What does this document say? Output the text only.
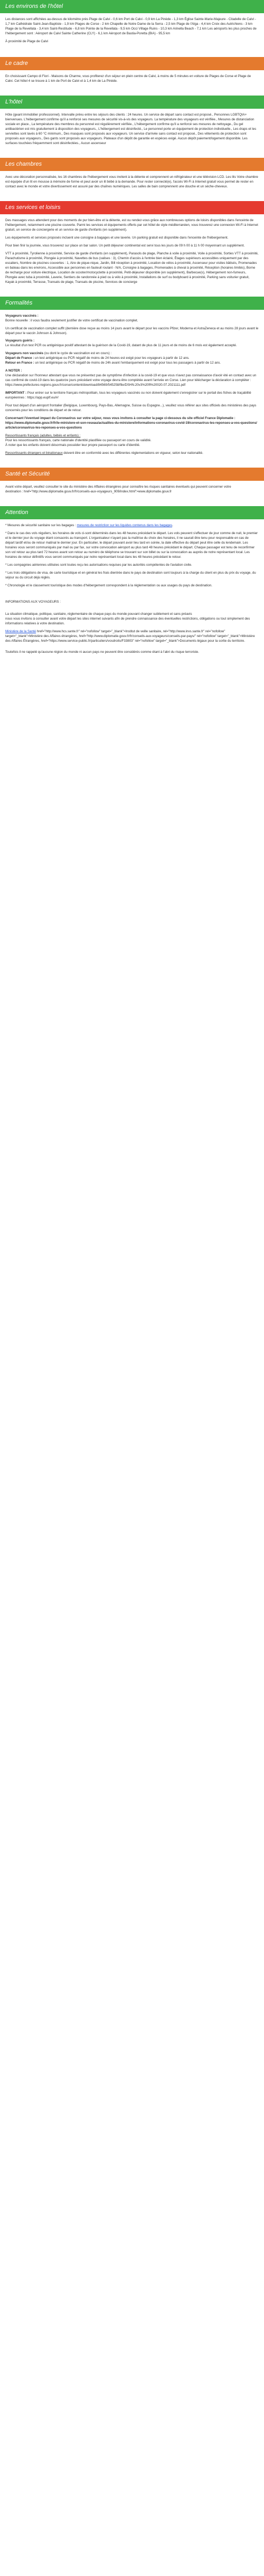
Les environs de l'hôtel

Les distances sont affichées au-dessus de kilomètre près Plage de Calvi - 0,6 km Port de Calvi - 0,9 km La Pinède - 1,3 km Église Sainte-Marie-Majeure - Citadelle de Calvi - 1,7 km Cathédrale Saint-Jean-Baptiste - 1,9 km Plages de Corse - 2 km Chapelle de Notre Dame de la Serra - 2,5 km Plage de l'Alga - 4,4 km Croix des Autrichiens - 3 km Plage de la Revellata - 3,4 km Saint-Restitude - 6,8 km Pointe de la Revellata - 9,5 km Occi Village Ruins - 10,3 km Arinella Beach - 7,1 km Les aéroports les plus proches de l'hébergement sont : Aéroport de Calvi Sainte Catherine (CLY) - 6,1 km Aéroport de Bastia-Poretta (BIA) - 95,5 km

À proximité de Plage de Calvi

Le cadre

En choisissant Campo di Fiori - Maisons de Charme, vous profiterez d'un séjour en plein centre de Calvi, à moins de 5 minutes en voiture de Plages de Corse et Plage de Calvi. Cet hôtel 4 se trouve à 1 km de Port de Calvi et à 1,4 km de La Pinède.

L'hôtel

Hôte (geant immobilier professionnel). Intervalle prévu entre les séjours des clients : 24 heures. Un service de départ sans contact est proposé., Personnes LGBTQIA+ bienvenues. L'hébergement confirme qu'il a renforcé ses mesures de sécurité vis-à-vis des voyageurs. La température des voyageurs est vérifiée., Mesures de distanciation sociale en place., La température des membres du personnel est régulièrement vérifiée., L'hébergement confirme qu'il a renforcé ses mesures de nettoyage., Du gel antibactérien est mis gratuitement à disposition des voyageurs., L'hébergement est désinfecté., Le personnel porte un équipement de protection individuelle., Les draps et les serviettes sont lavés à 60 °C minimum., Des masques sont proposés aux voyageurs. Un service d'arrivée sans contact est proposé., Des vêtements de protection sont proposés aux voyageurs., Des gants sont proposés aux voyageurs. Plateaux d'un dépôt de garantie en espèces exigé. Aucun dépôt paiement/logement disponible. Les surfaces touchées fréquemment sont désinfectées., Aucun ascenseur

Les chambres

Avec une décoration personnalisée, les 16 chambres de l'hébergement vous invitent à la détente et comprennent un réfrigérateur et une télévision LCD. Les lits Votre chambre est équipée d'un lit en mousse à mémoire de forme et peut avoir un lit bébé à la demande. Pour rester connecté(e), l'accès Wi-Fi à Internet gratuit vous permet de rester en contact avec le monde et votre divertissement est assuré par des chaînes numériques. Les salles de bain comprennent une douche et un sèche-cheveux.

Les services et loisirs

Des massages vous attendent pour des moments de pur bien-être et la détente, est ou rendez-vous grâce aux nombreuses options de loisirs disponibles dans l'enceinte de l'hébergement, notamment une piscine couverte. Parmi les services et équipements offerts par cet hôtel de style méditerranéen, vous trouverez une connexion Wi-Fi à Internet gratuit, un service de conciergerie et un service de garde d'enfants (en supplément).

Les équipements et services proposés incluent une consigne à bagages et une laverie. Un parking gratuit est disponible dans l'enceinte de l'hébergement.

Pour bien finir la journée, vous trouverez sur place un bar salon. Un petit déjeuner continental est servi tous les jours de 09 h 00 à 11 h 00 moyennant un supplément.

VTT à proximité, Tyrolienne à proximité, Service de garde d'enfants (en supplément), Parasols de plage, Planche à voile à proximité, Voile à proximité, Sorties VTT à proximité, Parachutisme à proximité, Plongée à proximité, Navettes de bus (valises : 3), Chemin d'accès à l'entrée bien éclairé, Étages supérieurs accessibles uniquement par des escaliers, Nombre de piscines couvertes : 1, Aire de pique-nique, Jardin, Bill réception à proximité, Location de vélos à proximité, Ascenseur pour visites bâtisés, Promenades en bateau dans les environs, Accessible aux personnes en fauteuil roulant - N/A, Consigne à bagages, Promenades à cheval à proximité, Réception (horaires limités), Borne de recharge pour voiture électrique, Location de scooter/motocyclette à proximité, Petit-déjeuner disponible (en supplément), Barbecue(s), Hébergement non-fumeurs, Plongée avec tuba à proximité, Laverie, Sentiers de randonnée à pied ou à vélo à proximité, Installations de surf ou bodyboard à proximité, Parking sans voiturier gratuit, Kayak à proximité, Terrasse, Transats de plage, Transats de piscine, Services de concierge

Formalités

Voyageurs vaccinés :

Bonne nouvelle : il vous faudra seulement justifier de votre certificat de vaccination complet.

Un certificat de vaccination complet suffit (dernière dose reçue au moins 14 jours avant le départ pour les vaccins Pfizer, Moderna et AstraZeneca et au moins 28 jours avant le départ pour le vaccin Johnson & Johnson).

Voyageurs guéris :

Le résultat d'un test PCR ou antigénique positif attestant de la guérison de la Covid-19, datant de plus de 11 jours et de moins de 6 mois est également accepté.

Voyageurs non vaccinés (ou dont le cycle de vaccination est en cours) :

Départ de France : un test antigénique ou PCR négatif de moins de 24 heures est exigé pour les voyageurs à partir de 12 ans.

Retour en France : un test antigénique ou PCR négatif de moins de 24h avant l'embarquement est exigé pour tous les passagers à partir de 12 ans.

A NOTER :

Une déclaration sur l'honneur attestant que vous ne présentez pas de symptôme d'infection à la covid-19 et que vous n'avez pas connaissance d'avoir été en contact avec un cas confirmé de covid-19 dans les quatorze jours précédant votre voyage devra être complétée avant l'arrivée en Corse. Lien pour télécharger la déclaration à compléter :

https://www.prefectures-regions.gouv.fr/corse/content/download/84569/545258/file/DSHN.20v3%20ft%20020.07.2021111.pdf

IMPORTANT : Pour entrer sur le territoire français métropolitain, tous les voyageurs vaccinés ou non doivent également s'enregistrer sur le portail des fiches de traçabilité européennes : https://app.euplf.eu/#/

Pour tout départ d'un aéroport frontalier (Belgique, Luxembourg, Pays-Bas, Allemagne, Suisse ou Espagne...), veuillez vous référer aux sites officiels des ministères des pays concernés pour les conditions de départ et de retour.

Concernant l'éventuel impact du Coronavirus sur votre séjour, nous vous invitons à consulter la page ci-dessous du site officiel France Diplomatie :

https://www.diplomatie.gouv.fr/fr/le-ministere-et-son-reseau/actualites-du-ministere/informations-coronavirus-covid-19/coronavirus-les-reponses-a-vos-questions/article/coronavirus-les-reponses-a-vos-questions

Ressortissants français (adultes, bébés et enfants) :

Pour les ressortissants français, carte nationale d'identité plastifiée ou passeport en cours de validité.

À noter que les enfants doivent désormais posséder leur propre passeport ou carte d'identité.

Ressortissants étrangers et binationaux doivent être en conformité avec les différentes réglementations en vigueur, selon leur nationalité.

Santé et Sécurité

Avant votre départ, veuillez consulter le site du ministère des Affaires étrangères pour connaître les risques sanitaires éventuels qui peuvent concerner votre

destination : href="http://www.diplomatie.gouv.fr/fr/conseils-aux-voyageurs_909/index.html">www.diplomatie.gouv.fr

Attention

* Mesures de sécurité sanitaire sur les bagages : mesures de restriction sur les liquides contenus dans les bagages.

* Dans le cas des vols réguliers, les horaires de vols ci-sont déterminés dans les 48 heures précédant le départ. Les vols peuvent s'effectuer de jour comme de nuit, le premier et le dernier jour du voyage étant consacrés au transport. L'organisateur n'ayant pas la maîtrise du choix des horaires, il ne saurait être tenu pour responsable en cas de départ tardif et/ou de retour matinal le dernier jour. En particulier, le départ pouvant avoir lieu tard en soirée, la date effective du départ peut être celle du lendemain. Les horaires vous seront communiqués par mail ou par fax, sur votre convocation aéroport au plus tard 48 heures précédant le départ. Chaque passager est tenu de reconfirmer son vol retour au plus tard 72 heures avant son retour au numéro de téléphone se trouvant sur son billet ou sur la convocation au auprès de notre représentant local. Les horaires de retour définitifs vous seront communiqués par notre représentant local dans les 48 heures précédant le retour.

* Les compagnies aériennes utilisées sont toutes reçu les autorisations requises par les autorités compétentes de l'aviation civile.

* Les trois obligations de visa, de carte touristique et en général les frais dientrée dans le pays de destination sont toujours à la charge du client en plus du prix du voyage, du séjour ou du circuit déjà réglés.

* Chronologie et le classement touristique des modes d'hébergement correspondent à la réglementation ou aux usages du pays de destination.

INFORMATIONS AUX VOYAGEURS :

La situation climatique, politique, sanitaire, réglementaire de chaque pays du monde pouvant changer subitement et sans préavis

nous vous invitons à consulter avant votre départ les sites internet suivants afin de prendre connaissance des éventuelles restrictions, obligations ou tout simplement des informations relatives à votre destination.

Ministère de la Santé href="http://www.hcs.sante.fr" rel="nofollow" target="_blank">Institut de veille sanitaire, rel="http://www.invs.sante.fr" rel="nofollow" target="_blank">Ministère des Affaires étrangères, href="http://www.diplomatie.gouv.fr/fr/conseils-aux-voyageurs/conseils-par-pays/" rel="nofollow" target="_blank">Ministère des Affaires Étrangères, href="https://www.service-public.fr/particuliers/vosdroits/F33803" rel="nofollow" target="_blank">Documents légaux pour la sortie du territoire.

Toutefois il ne rappelé qu'aucune région du monde ni aucun pays ne peuvent être considérés comme étant à l'abri du risque terroriste.
